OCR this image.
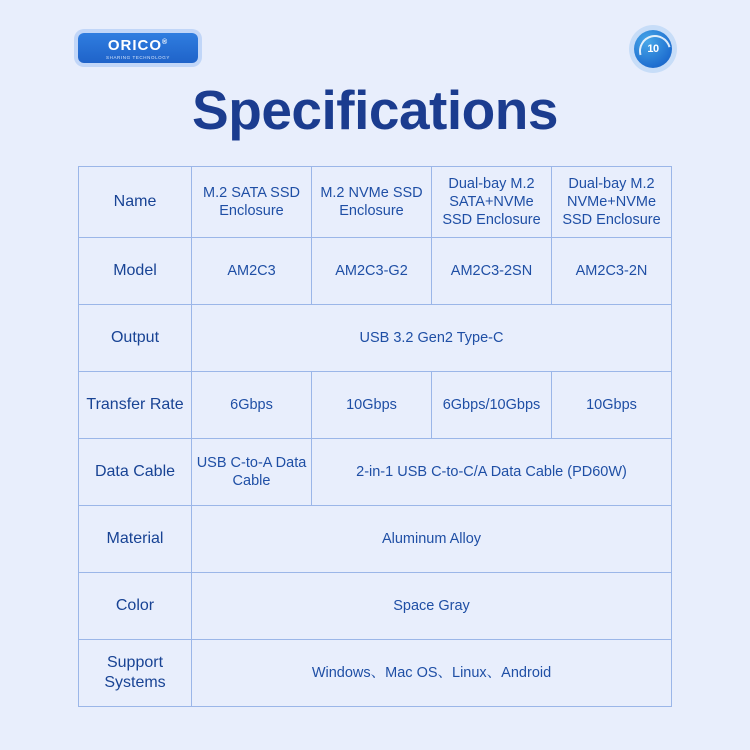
ORICO®
SHARING TECHNOLOGY
10
Specifications
Name	M.2 SATA SSD Enclosure	M.2 NVMe SSD Enclosure	Dual-bay M.2 SATA+NVMe SSD Enclosure	Dual-bay M.2 NVMe+NVMe SSD Enclosure
Model	AM2C3	AM2C3-G2	AM2C3-2SN	AM2C3-2N
Output	USB 3.2 Gen2 Type-C			
Transfer Rate	6Gbps	10Gbps	6Gbps/10Gbps	10Gbps
Data Cable	USB C-to-A Data Cable	2-in-1 USB C-to-C/A Data Cable (PD60W)		
Material	Aluminum Alloy			
Color	Space Gray			
Support Systems	Windows、Mac OS、Linux、Android			
